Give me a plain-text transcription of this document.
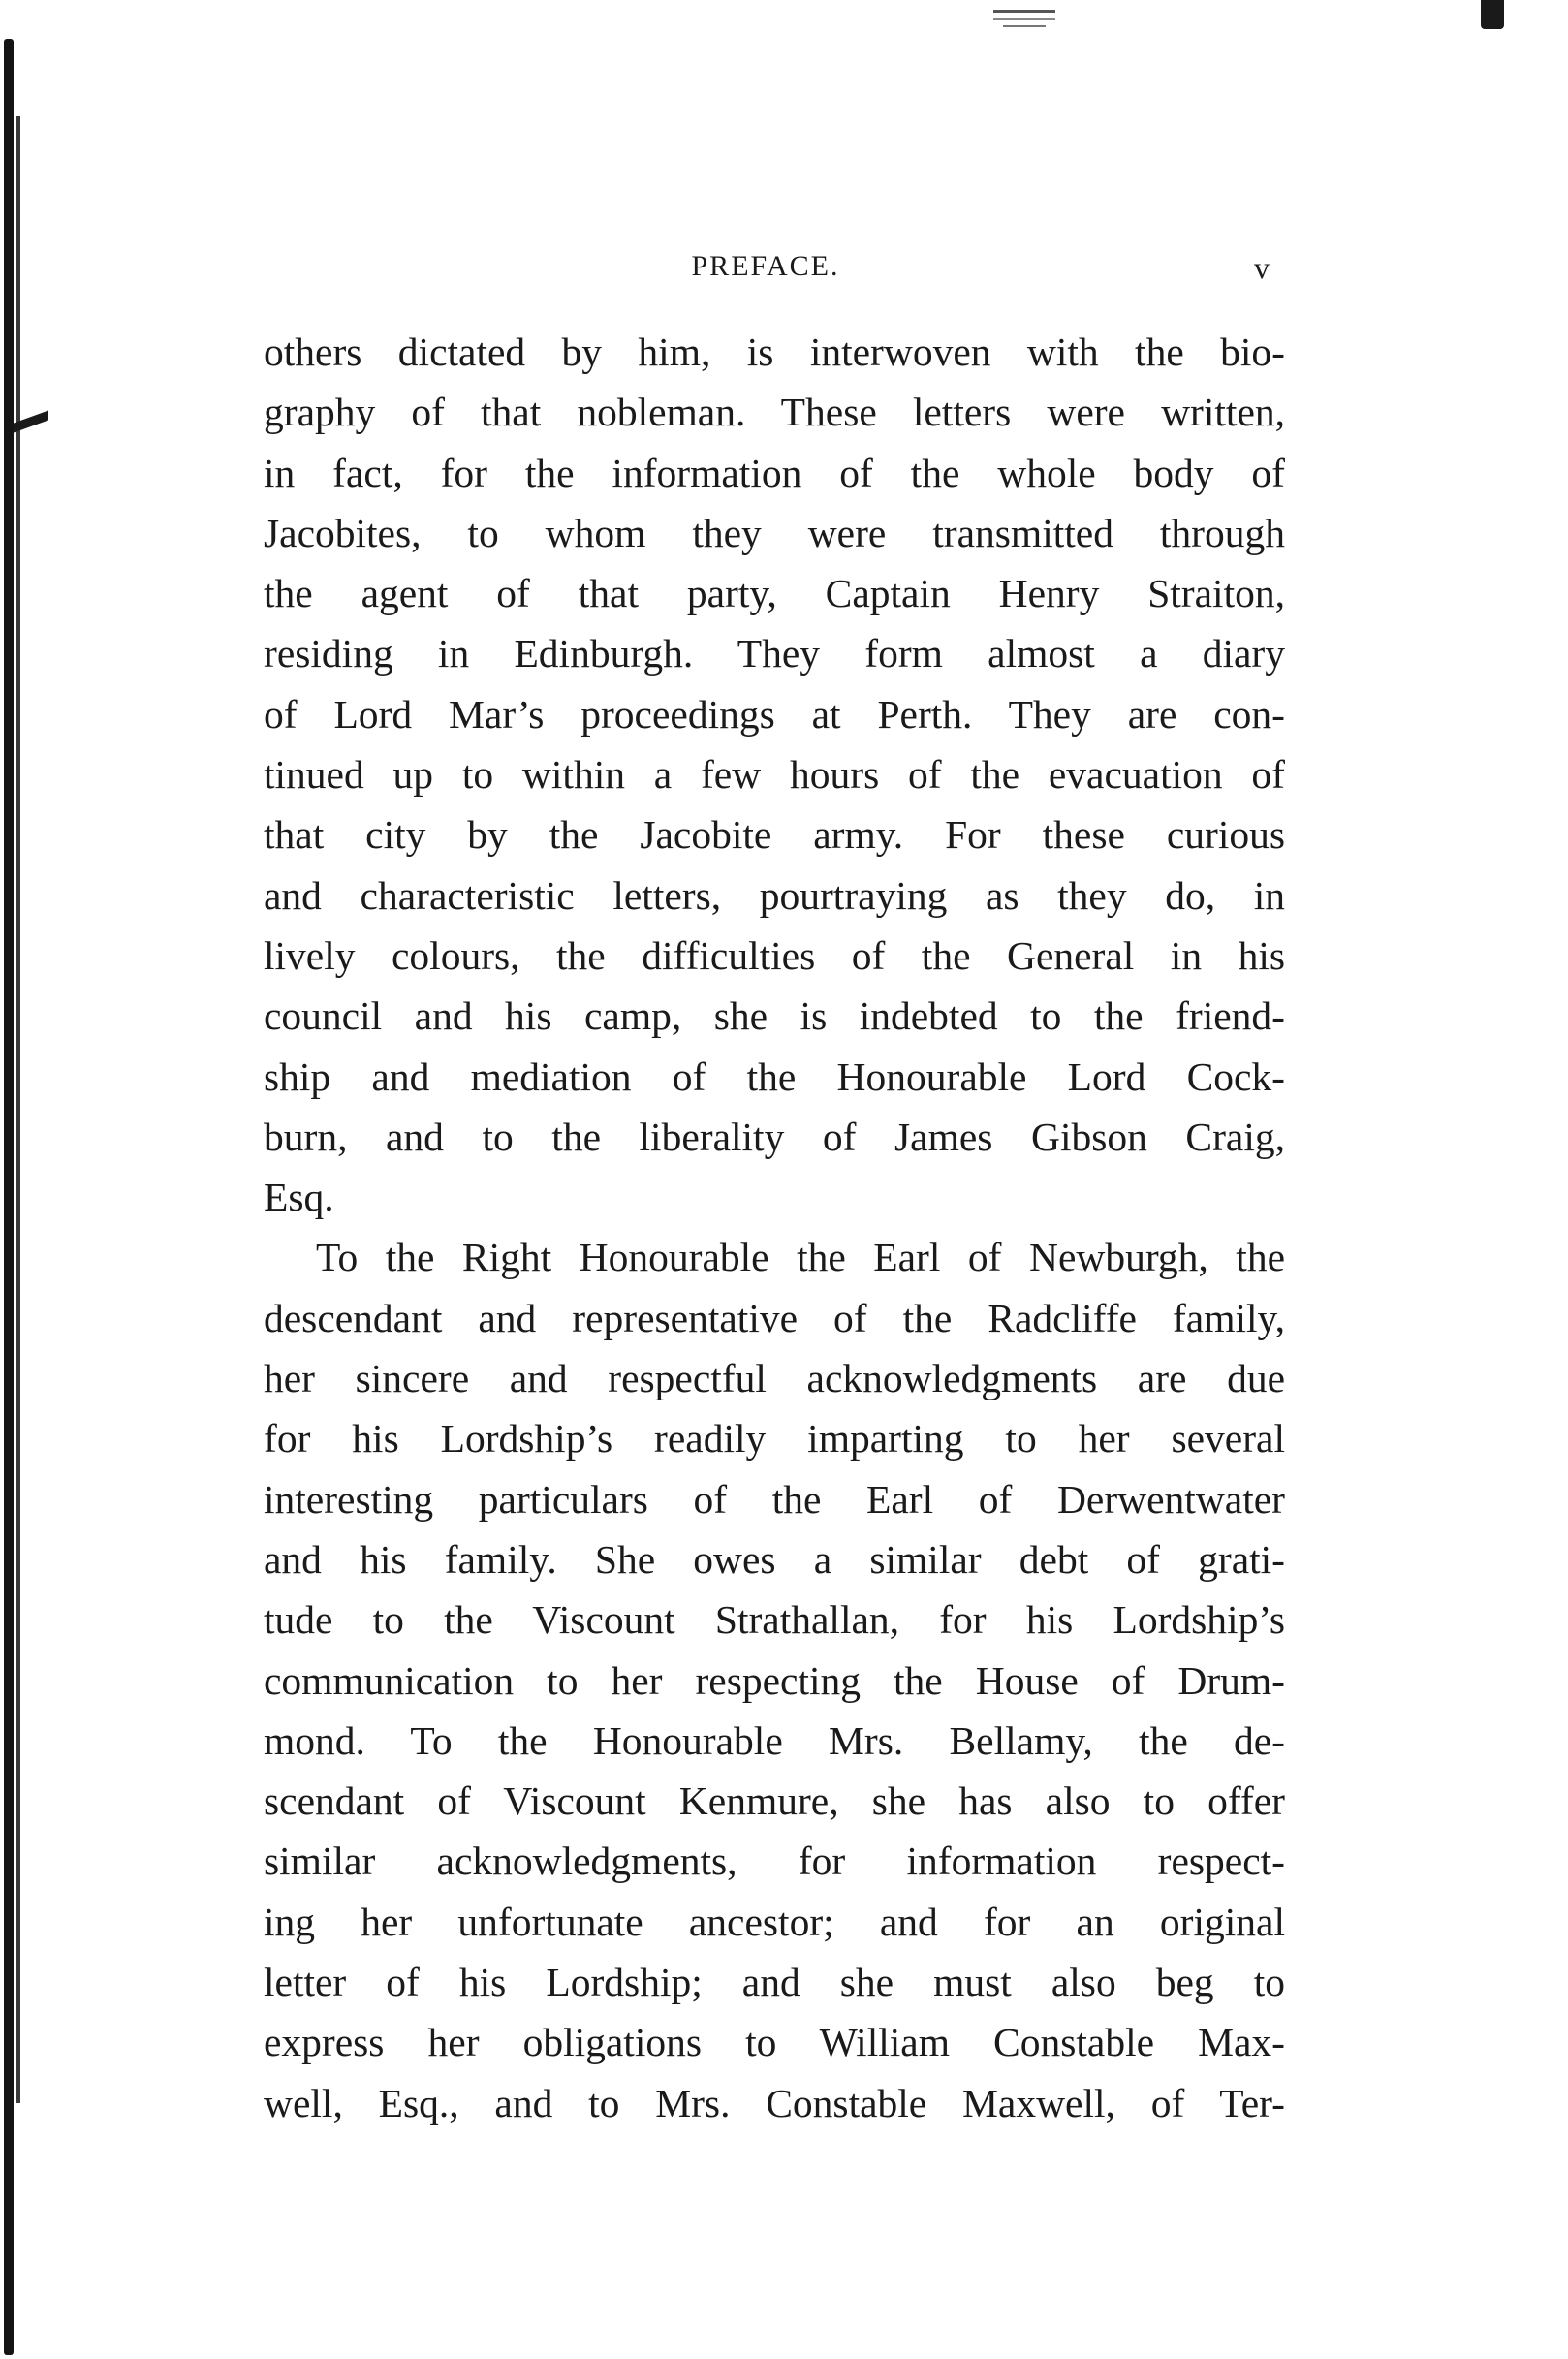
PREFACE.	v
others dictated by him, is interwoven with the bio-
graphy of that nobleman. These letters were written,
in fact, for the information of the whole body of
Jacobites, to whom they were transmitted through
the agent of that party, Captain Henry Straiton,
residing in Edinburgh. They form almost a diary
of Lord Mar’s proceedings at Perth. They are con-
tinued up to within a few hours of the evacuation of
that city by the Jacobite army. For these curious
and characteristic letters, pourtraying as they do, in
lively colours, the difficulties of the General in his
council and his camp, she is indebted to the friend-
ship and mediation of the Honourable Lord Cock-
burn, and to the liberality of James Gibson Craig,
Esq.
To the Right Honourable the Earl of Newburgh, the
descendant and representative of the Radcliffe family,
her sincere and respectful acknowledgments are due
for his Lordship’s readily imparting to her several
interesting particulars of the Earl of Derwentwater
and his family. She owes a similar debt of grati-
tude to the Viscount Strathallan, for his Lordship’s
communication to her respecting the House of Drum-
mond. To the Honourable Mrs. Bellamy, the de-
scendant of Viscount Kenmure, she has also to offer
similar acknowledgments, for information respect-
ing her unfortunate ancestor; and for an original
letter of his Lordship; and she must also beg to
express her obligations to William Constable Max-
well, Esq., and to Mrs. Constable Maxwell, of Ter-
